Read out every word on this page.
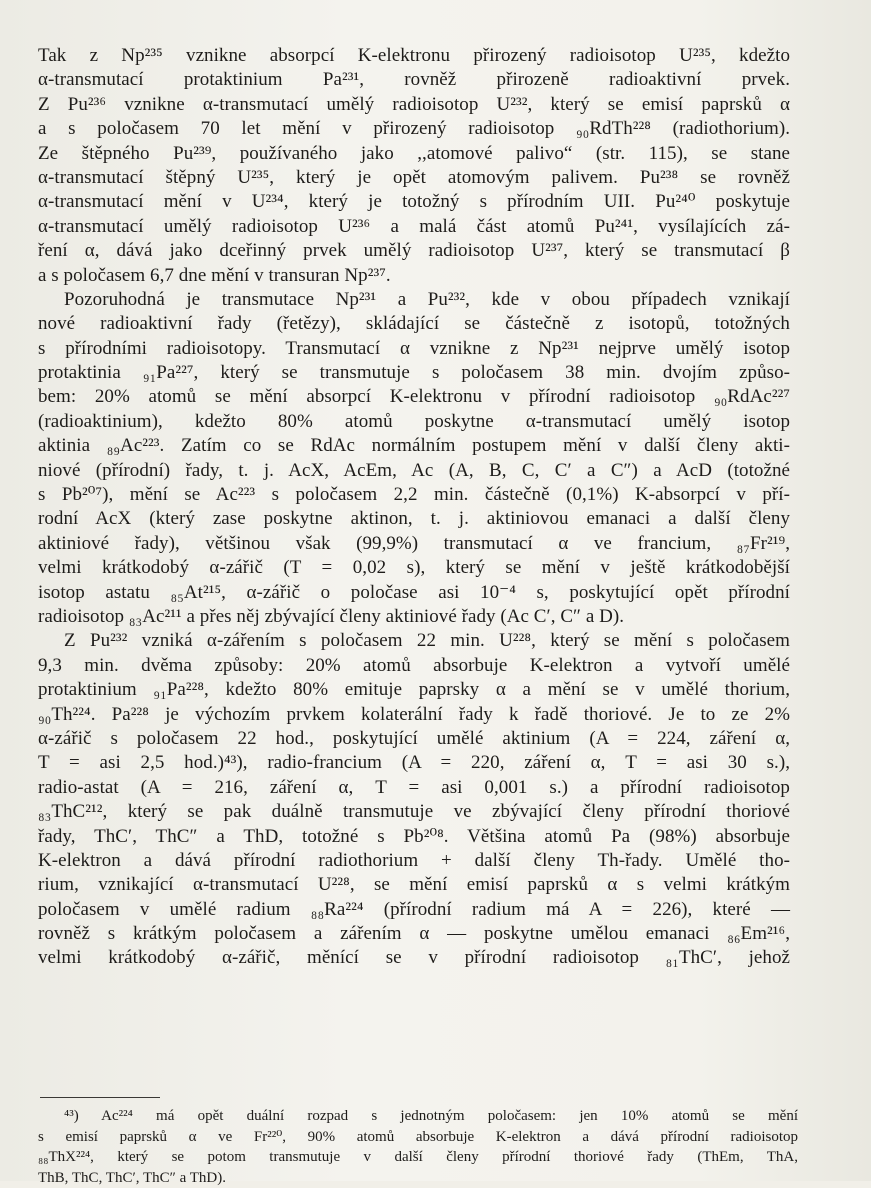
Tak z Np²³⁵ vznikne absorpcí K-elektronu přirozený radioisotop U²³⁵, kdežto
α-transmutací protaktinium Pa²³¹, rovněž přirozeně radioaktivní prvek.
Z Pu²³⁶ vznikne α-transmutací umělý radioisotop U²³², který se emisí paprsků α
a s poločasem 70 let mění v přirozený radioisotop ₉₀RdTh²²⁸ (radiothorium).
Ze štěpného Pu²³⁹, používaného jako ,,atomové palivo“ (str. 115), se stane
α-transmutací štěpný U²³⁵, který je opět atomovým palivem. Pu²³⁸ se rovněž
α-transmutací mění v U²³⁴, který je totožný s přírodním UII. Pu²⁴⁰ poskytuje
α-transmutací umělý radioisotop U²³⁶ a malá část atomů Pu²⁴¹, vysílajících zá-
ření α, dává jako dceřinný prvek umělý radioisotop U²³⁷, který se transmutací β
a s poločasem 6,7 dne mění v transuran Np²³⁷.
Pozoruhodná je transmutace Np²³¹ a Pu²³², kde v obou případech vznikají
nové radioaktivní řady (řetězy), skládající se částečně z isotopů, totožných
s přírodními radioisotopy. Transmutací α vznikne z Np²³¹ nejprve umělý isotop
protaktinia ₉₁Pa²²⁷, který se transmutuje s poločasem 38 min. dvojím způso-
bem: 20% atomů se mění absorpcí K-elektronu v přírodní radioisotop ₉₀RdAc²²⁷
(radioaktinium), kdežto 80% atomů poskytne α-transmutací umělý isotop
aktinia ₈₉Ac²²³. Zatím co se RdAc normálním postupem mění v další členy akti-
niové (přírodní) řady, t. j. AcX, AcEm, Ac (A, B, C, C′ a C″) a AcD (totožné
s Pb²⁰⁷), mění se Ac²²³ s poločasem 2,2 min. částečně (0,1%) K-absorpcí v pří-
rodní AcX (který zase poskytne aktinon, t. j. aktiniovou emanaci a další členy
aktiniové řady), většinou však (99,9%) transmutací α ve francium, ₈₇Fr²¹⁹,
velmi krátkodobý α-zářič (T = 0,02 s), který se mění v ještě krátkodobější
isotop astatu ₈₅At²¹⁵, α-zářič o poločase asi 10⁻⁴ s, poskytující opět přírodní
radioisotop ₈₃Ac²¹¹ a přes něj zbývající členy aktiniové řady (Ac C′, C″ a D).
Z Pu²³² vzniká α-zářením s poločasem 22 min. U²²⁸, který se mění s poločasem
9,3 min. dvěma způsoby: 20% atomů absorbuje K-elektron a vytvoří umělé
protaktinium ₉₁Pa²²⁸, kdežto 80% emituje paprsky α a mění se v umělé thorium,
₉₀Th²²⁴. Pa²²⁸ je výchozím prvkem kolaterální řady k řadě thoriové. Je to ze 2%
α-zářič s poločasem 22 hod., poskytující umělé aktinium (A = 224, záření α,
T = asi 2,5 hod.)⁴³), radio-francium (A = 220, záření α, T = asi 30 s.),
radio-astat (A = 216, záření α, T = asi 0,001 s.) a přírodní radioisotop
₈₃ThC²¹², který se pak duálně transmutuje ve zbývající členy přírodní thoriové
řady, ThC′, ThC″ a ThD, totožné s Pb²⁰⁸. Většina atomů Pa (98%) absorbuje
K-elektron a dává přírodní radiothorium + další členy Th-řady. Umělé tho-
rium, vznikající α-transmutací U²²⁸, se mění emisí paprsků α s velmi krátkým
poločasem v umělé radium ₈₈Ra²²⁴ (přírodní radium má A = 226), které —
rovněž s krátkým poločasem a zářením α — poskytne umělou emanaci ₈₆Em²¹⁶,
velmi krátkodobý α-zářič, měnící se v přírodní radioisotop ₈₁ThC′, jehož
⁴³) Ac²²⁴ má opět duální rozpad s jednotným poločasem: jen 10% atomů se mění
s emisí paprsků α ve Fr²²⁰, 90% atomů absorbuje K-elektron a dává přírodní radioisotop
₈₈ThX²²⁴, který se potom transmutuje v další členy přírodní thoriové řady (ThEm, ThA,
ThB, ThC, ThC′, ThC″ a ThD).
